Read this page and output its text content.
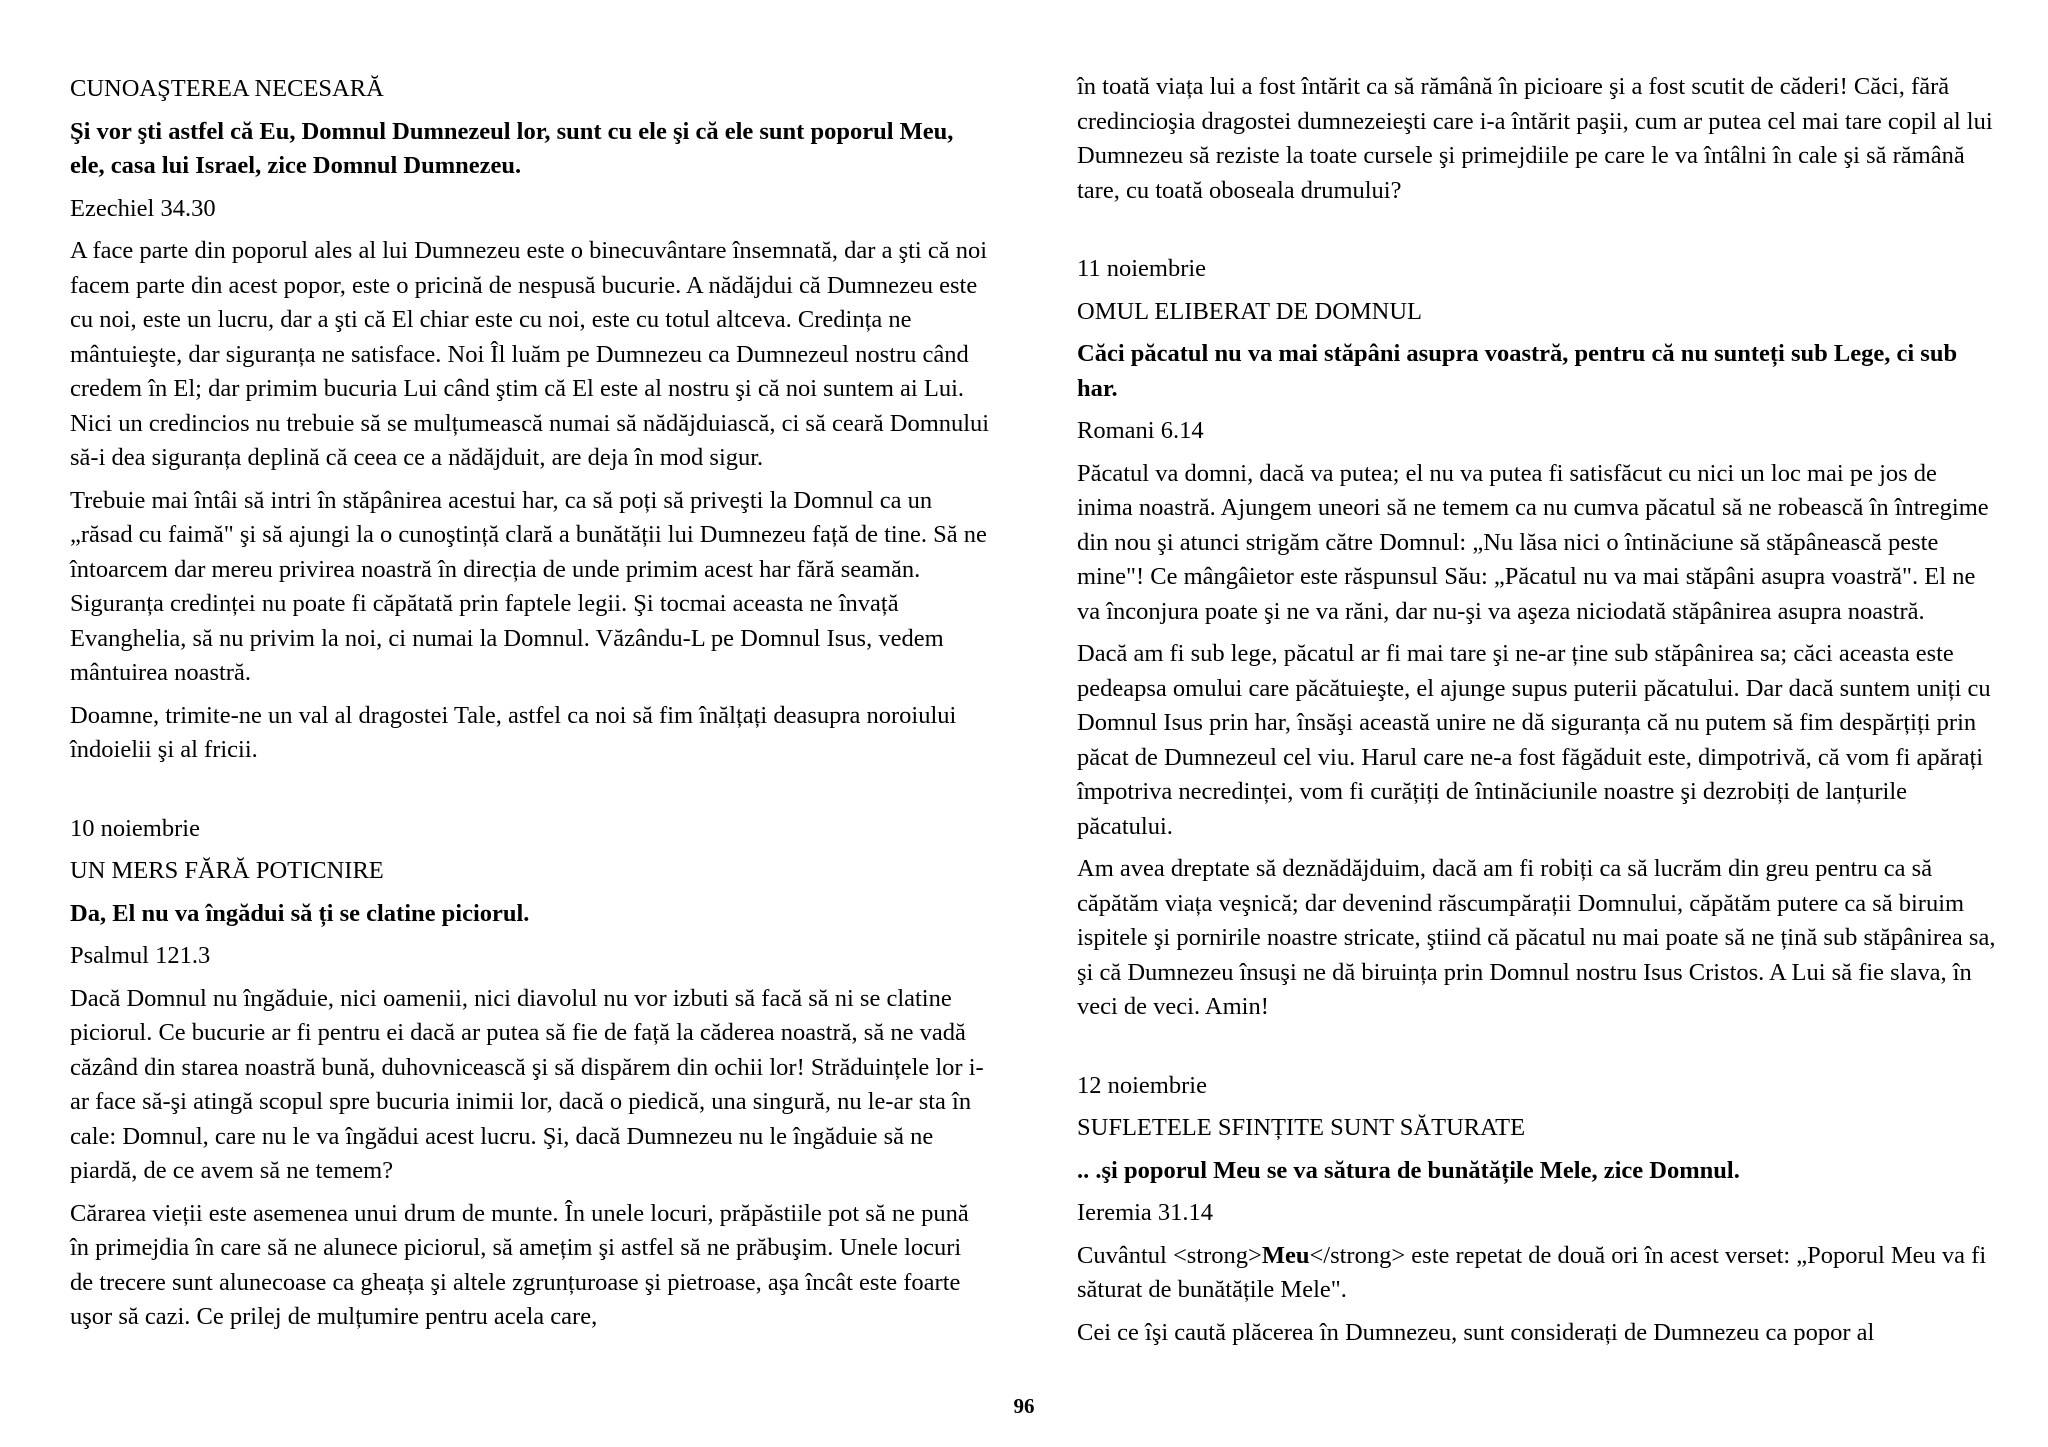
CUNOAŞTEREA NECESARĂ

Şi vor şti astfel că Eu, Domnul Dumnezeul lor, sunt cu ele şi că ele sunt poporul Meu, ele, casa lui Israel, zice Domnul Dumnezeu.

Ezechiel 34.30

A face parte din poporul ales al lui Dumnezeu este o binecuvântare însemnată, dar a şti că noi facem parte din acest popor, este o pricină de nespusă bucurie. A nădăjdui că Dumnezeu este cu noi, este un lucru, dar a şti că El chiar este cu noi, este cu totul altceva. Credința ne mântuieşte, dar siguranța ne satisface. Noi Îl luăm pe Dumnezeu ca Dumnezeul nostru când credem în El; dar primim bucuria Lui când ştim că El este al nostru şi că noi suntem ai Lui. Nici un credincios nu trebuie să se mulțumească numai să nădăjduiască, ci să ceară Domnului să-i dea siguranța deplină că ceea ce a nădăjduit, are deja în mod sigur.

Trebuie mai întâi să intri în stăpânirea acestui har, ca să poți să priveşti la Domnul ca un „răsad cu faimă" şi să ajungi la o cunoştință clară a bunătății lui Dumnezeu față de tine. Să ne întoarcem dar mereu privirea noastră în direcția de unde primim acest har fără seamăn. Siguranța credinței nu poate fi căpătată prin faptele legii. Şi tocmai aceasta ne învață Evanghelia, să nu privim la noi, ci numai la Domnul. Văzându-L pe Domnul Isus, vedem mântuirea noastră.

Doamne, trimite-ne un val al dragostei Tale, astfel ca noi să fim înălțați deasupra noroiului îndoielii şi al fricii.

10 noiembrie

UN MERS FĂRĂ POTICNIRE

Da, El nu va îngădui să ți se clatine piciorul.

Psalmul 121.3

Dacă Domnul nu îngăduie, nici oamenii, nici diavolul nu vor izbuti să facă să ni se clatine piciorul. Ce bucurie ar fi pentru ei dacă ar putea să fie de față la căderea noastră, să ne vadă căzând din starea noastră bună, duhovnicească şi să dispărem din ochii lor! Străduințele lor i-ar face să-şi atingă scopul spre bucuria inimii lor, dacă o piedică, una singură, nu le-ar sta în cale: Domnul, care nu le va îngădui acest lucru. Şi, dacă Dumnezeu nu le îngăduie să ne piardă, de ce avem să ne temem?

Cărarea vieții este asemenea unui drum de munte. În unele locuri, prăpăstiile pot să ne pună în primejdia în care să ne alunece piciorul, să amețim şi astfel să ne prăbuşim. Unele locuri de trecere sunt alunecoase ca gheața şi altele zgrunțuroase şi pietroase, aşa încât este foarte uşor să cazi. Ce prilej de mulțumire pentru acela care,

în toată viața lui a fost întărit ca să rămână în picioare şi a fost scutit de căderi! Căci, fără credincioşia dragostei dumnezeieşti care i-a întărit paşii, cum ar putea cel mai tare copil al lui Dumnezeu să reziste la toate cursele şi primejdiile pe care le va întâlni în cale şi să rămână tare, cu toată oboseala drumului?

11 noiembrie

OMUL ELIBERAT DE DOMNUL

Căci păcatul nu va mai stăpâni asupra voastră, pentru că nu sunteți sub Lege, ci sub har.

Romani 6.14

Păcatul va domni, dacă va putea; el nu va putea fi satisfăcut cu nici un loc mai pe jos de inima noastră. Ajungem uneori să ne temem ca nu cumva păcatul să ne robească în întregime din nou şi atunci strigăm către Domnul: „Nu lăsa nici o întinăciune să stăpânească peste mine"! Ce mângâietor este răspunsul Său: „Păcatul nu va mai stăpâni asupra voastră". El ne va înconjura poate şi ne va răni, dar nu-şi va aşeza niciodată stăpânirea asupra noastră.

Dacă am fi sub lege, păcatul ar fi mai tare şi ne-ar ține sub stăpânirea sa; căci aceasta este pedeapsa omului care păcătuieşte, el ajunge supus puterii păcatului. Dar dacă suntem uniți cu Domnul Isus prin har, însăşi această unire ne dă siguranța că nu putem să fim despărțiți prin păcat de Dumnezeul cel viu. Harul care ne-a fost făgăduit este, dimpotrivă, că vom fi apărați împotriva necredinței, vom fi curățiți de întinăciunile noastre şi dezrobiți de lanțurile păcatului.

Am avea dreptate să deznădăjduim, dacă am fi robiți ca să lucrăm din greu pentru ca să căpătăm viața veşnică; dar devenind răscumpărații Domnului, căpătăm putere ca să biruim ispitele şi pornirile noastre stricate, ştiind că păcatul nu mai poate să ne țină sub stăpânirea sa, şi că Dumnezeu însuşi ne dă biruința prin Domnul nostru Isus Cristos. A Lui să fie slava, în veci de veci. Amin!

12 noiembrie

SUFLETELE SFINȚITE SUNT SĂTURATE

.. .şi poporul Meu se va sătura de bunătățile Mele, zice Domnul.

Ieremia 31.14

Cuvântul <strong>Meu</strong> este repetat de două ori în acest verset: „Poporul Meu va fi săturat de bunătățile Mele".

Cei ce îşi caută plăcerea în Dumnezeu, sunt considerați de Dumnezeu ca popor al

96
